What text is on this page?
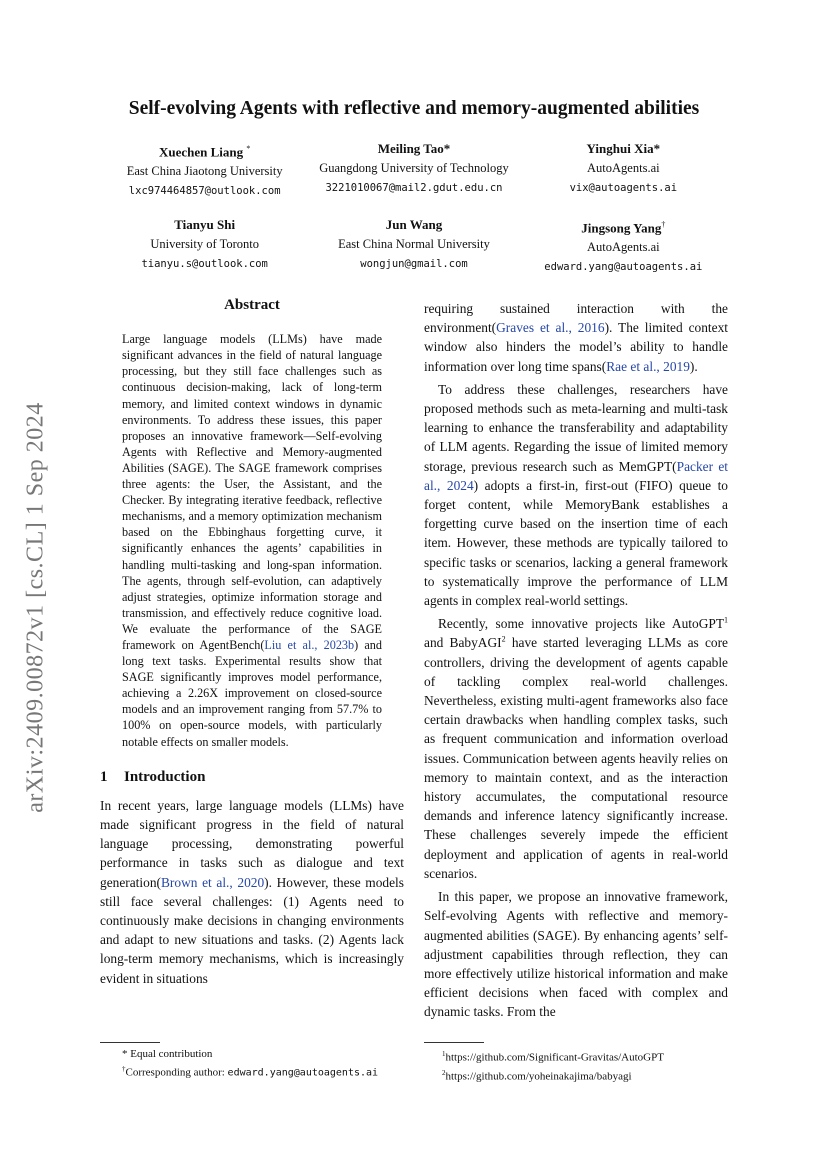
arXiv:2409.00872v1 [cs.CL] 1 Sep 2024
Self-evolving Agents with reflective and memory-augmented abilities
Xuechen Liang *
East China Jiaotong University
lxc974464857@outlook.com
Meiling Tao*
Guangdong University of Technology
3221010067@mail2.gdut.edu.cn
Yinghui Xia*
AutoAgents.ai
vix@autoagents.ai
Tianyu Shi
University of Toronto
tianyu.s@outlook.com
Jun Wang
East China Normal University
wongjun@gmail.com
Jingsong Yang†
AutoAgents.ai
edward.yang@autoagents.ai
Abstract
Large language models (LLMs) have made significant advances in the field of natural language processing, but they still face challenges such as continuous decision-making, lack of long-term memory, and limited context windows in dynamic environments. To address these issues, this paper proposes an innovative framework—Self-evolving Agents with Reflective and Memory-augmented Abilities (SAGE). The SAGE framework comprises three agents: the User, the Assistant, and the Checker. By integrating iterative feedback, reflective mechanisms, and a memory optimization mechanism based on the Ebbinghaus forgetting curve, it significantly enhances the agents’ capabilities in handling multi-tasking and long-span information. The agents, through self-evolution, can adaptively adjust strategies, optimize information storage and transmission, and effectively reduce cognitive load. We evaluate the performance of the SAGE framework on AgentBench(Liu et al., 2023b) and long text tasks. Experimental results show that SAGE significantly improves model performance, achieving a 2.26X improvement on closed-source models and an improvement ranging from 57.7% to 100% on open-source models, with particularly notable effects on smaller models.
1 Introduction

In recent years, large language models (LLMs) have made significant progress in the field of natural language processing, demonstrating powerful performance in tasks such as dialogue and text generation(Brown et al., 2020). However, these models still face several challenges: (1) Agents need to continuously make decisions in changing environments and adapt to new situations and tasks. (2) Agents lack long-term memory mechanisms, which is increasingly evident in situations

requiring sustained interaction with the environment(Graves et al., 2016). The limited context window also hinders the model’s ability to handle information over long time spans(Rae et al., 2019).

To address these challenges, researchers have proposed methods such as meta-learning and multi-task learning to enhance the transferability and adaptability of LLM agents. Regarding the issue of limited memory storage, previous research such as MemGPT(Packer et al., 2024) adopts a first-in, first-out (FIFO) queue to forget content, while MemoryBank establishes a forgetting curve based on the insertion time of each item. However, these methods are typically tailored to specific tasks or scenarios, lacking a general framework to systematically improve the performance of LLM agents in complex real-world settings.

Recently, some innovative projects like AutoGPT$^1$ and BabyAGI$^2$ have started leveraging LLMs as core controllers, driving the development of agents capable of tackling complex real-world challenges. Nevertheless, existing multi-agent frameworks also face certain drawbacks when handling complex tasks, such as frequent communication and information overload issues. Communication between agents heavily relies on memory to maintain context, and as the interaction history accumulates, the computational resource demands and inference latency significantly increase. These challenges severely impede the efficient deployment and application of agents in real-world scenarios.

In this paper, we propose an innovative framework, Self-evolving Agents with reflective and memory-augmented abilities (SAGE). By enhancing agents’ self-adjustment capabilities through reflection, they can more effectively utilize historical information and make efficient decisions when faced with complex and dynamic tasks. From the

* Equal contribution
†Corresponding author: edward.yang@autoagents.ai
$^1$https://github.com/Significant-Gravitas/AutoGPT
$^2$https://github.com/yoheinakajima/babyagi
